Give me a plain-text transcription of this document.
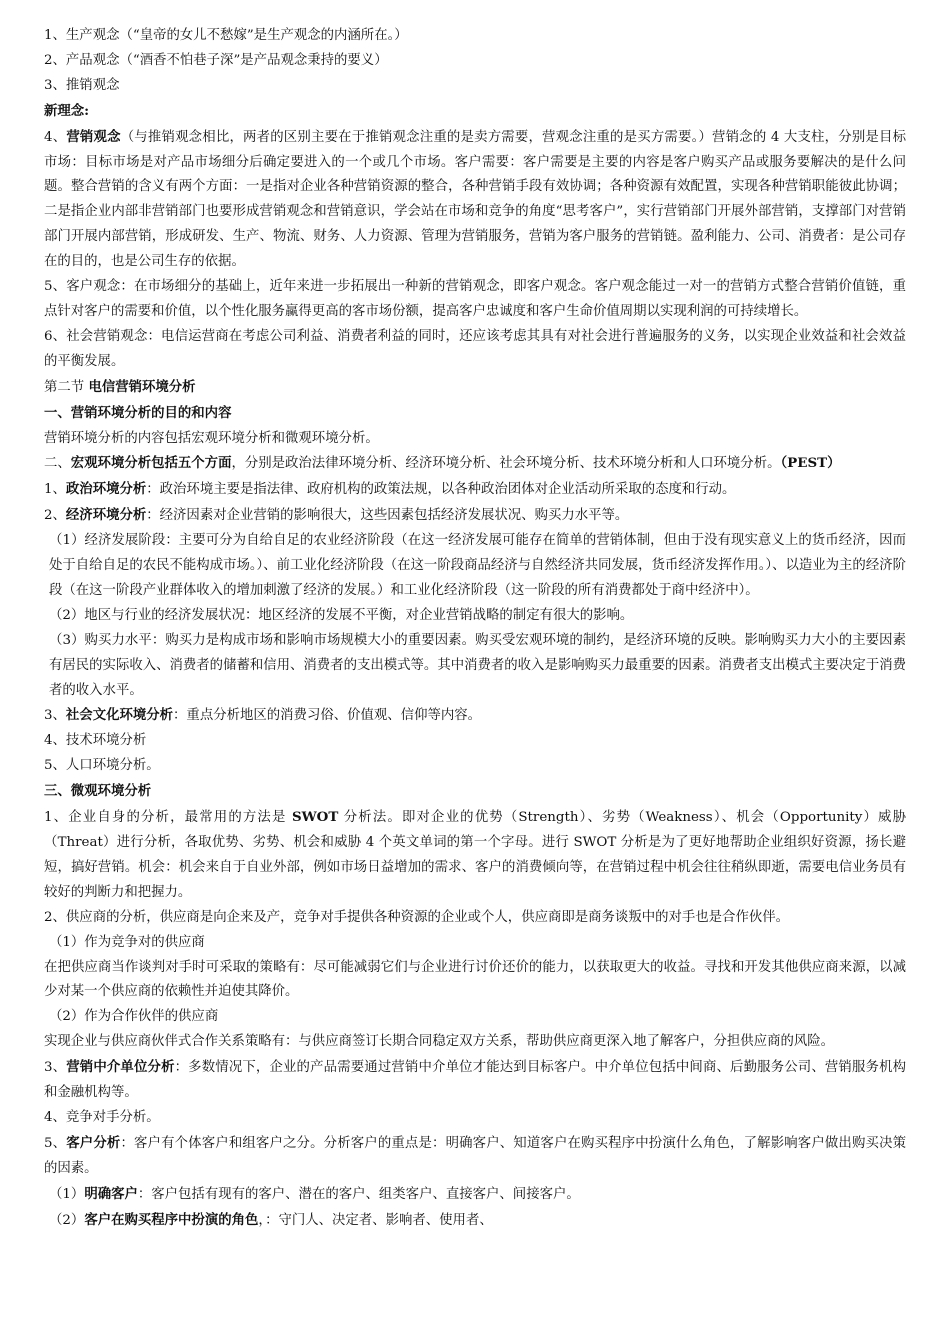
1、生产观念（“皇帝的女儿不愁嫁”是生产观念的内涵所在。）

2、产品观念（“酒香不怕巷子深”是产品观念秉持的要义）

3、推销观念

新理念:

4、营销观念（与推销观念相比，两者的区别主要在于推销观念注重的是卖方需要，营观念注重的是买方需要。）营销念的 4 大支柱，分别是目标市场：目标市场是对产品市场细分后确定要进入的一个或几个市场。客户需要：客户需要是主要的内容是客户购买产品或服务要解决的是什么问题。整合营销的含义有两个方面：一是指对企业各种营销资源的整合，各种营销手段有效协调；各种资源有效配置，实现各种营销职能彼此协调；二是指企业内部非营销部门也要形成营销观念和营销意识，学会站在市场和竞争的角度“思考客户”，实行营销部门开展外部营销，支撑部门对营销部门开展内部营销，形成研发、生产、物流、财务、人力资源、管理为营销服务，营销为客户服务的营销链。盈利能力、公司、消费者：是公司存在的目的，也是公司生存的依据。

5、客户观念：在市场细分的基础上，近年来进一步拓展出一种新的营销观念，即客户观念。客户观念能过一对一的营销方式整合营销价值链，重点针对客户的需要和价值，以个性化服务赢得更高的客市场份额，提高客户忠诚度和客户生命价值周期以实现利润的可持续增长。

6、社会营销观念：电信运营商在考虑公司利益、消费者利益的同时，还应该考虑其具有对社会进行普遍服务的义务，以实现企业效益和社会效益的平衡发展。

第二节 电信营销环境分析

一、营销环境分析的目的和内容

营销环境分析的内容包括宏观环境分析和微观环境分析。

二、宏观环境分析包括五个方面，分别是政治法律环境分析、经济环境分析、社会环境分析、技术环境分析和人口环境分析。（PEST）

1、政治环境分析：政治环境主要是指法律、政府机构的政策法规，以各种政治团体对企业活动所采取的态度和行动。

2、经济环境分析：经济因素对企业营销的影响很大，这些因素包括经济发展状况、购买力水平等。

（1）经济发展阶段：主要可分为自给自足的农业经济阶段（在这一经济发展可能存在简单的营销体制，但由于没有现实意义上的货币经济，因而处于自给自足的农民不能构成市场。）、前工业化经济阶段（在这一阶段商品经济与自然经济共同发展，货币经济发挥作用。）、以造业为主的经济阶段（在这一阶段产业群体收入的增加刺激了经济的发展。）和工业化经济阶段（这一阶段的所有消费都处于商中经济中）。

（2）地区与行业的经济发展状况：地区经济的发展不平衡，对企业营销战略的制定有很大的影响。

（3）购买力水平：购买力是构成市场和影响市场规模大小的重要因素。购买受宏观环境的制约，是经济环境的反映。影响购买力大小的主要因素有居民的实际收入、消费者的储蓄和信用、消费者的支出模式等。其中消费者的收入是影响购买力最重要的因素。消费者支出模式主要决定于消费者的收入水平。

3、社会文化环境分析：重点分析地区的消费习俗、价值观、信仰等内容。

4、技术环境分析

5、人口环境分析。

三、微观环境分析

1、企业自身的分析，最常用的方法是 SWOT 分析法。即对企业的优势（Strength）、劣势（Weakness）、机会（Opportunity）威胁（Threat）进行分析，各取优势、劣势、机会和威胁 4 个英文单词的第一个字母。进行 SWOT 分析是为了更好地帮助企业组织好资源，扬长避短，搞好营销。机会：机会来自于自业外部，例如市场日益增加的需求、客户的消费倾向等，在营销过程中机会往往稍纵即逝，需要电信业务员有较好的判断力和把握力。

2、供应商的分析，供应商是向企来及产，竞争对手提供各种资源的企业或个人，供应商即是商务谈叛中的对手也是合作伙伴。

（1）作为竞争对的供应商

在把供应商当作谈判对手时可采取的策略有：尽可能减弱它们与企业进行讨价还价的能力，以获取更大的收益。寻找和开发其他供应商来源，以减少对某一个供应商的依赖性并迫使其降价。

（2）作为合作伙伴的供应商

实现企业与供应商伙伴式合作关系策略有：与供应商签订长期合同稳定双方关系，帮助供应商更深入地了解客户，分担供应商的风险。

3、营销中介单位分析：多数情况下，企业的产品需要通过营销中介单位才能达到目标客户。中介单位包括中间商、后勤服务公司、营销服务机构和金融机构等。

4、竞争对手分析。

5、客户分析：客户有个体客户和组客户之分。分析客户的重点是：明确客户、知道客户在购买程序中扮演什么角色，了解影响客户做出购买决策的因素。

（1）明确客户：客户包括有现有的客户、潜在的客户、组类客户、直接客户、间接客户。

（2）客户在购买程序中扮演的角色，：守门人、决定者、影响者、使用者、
